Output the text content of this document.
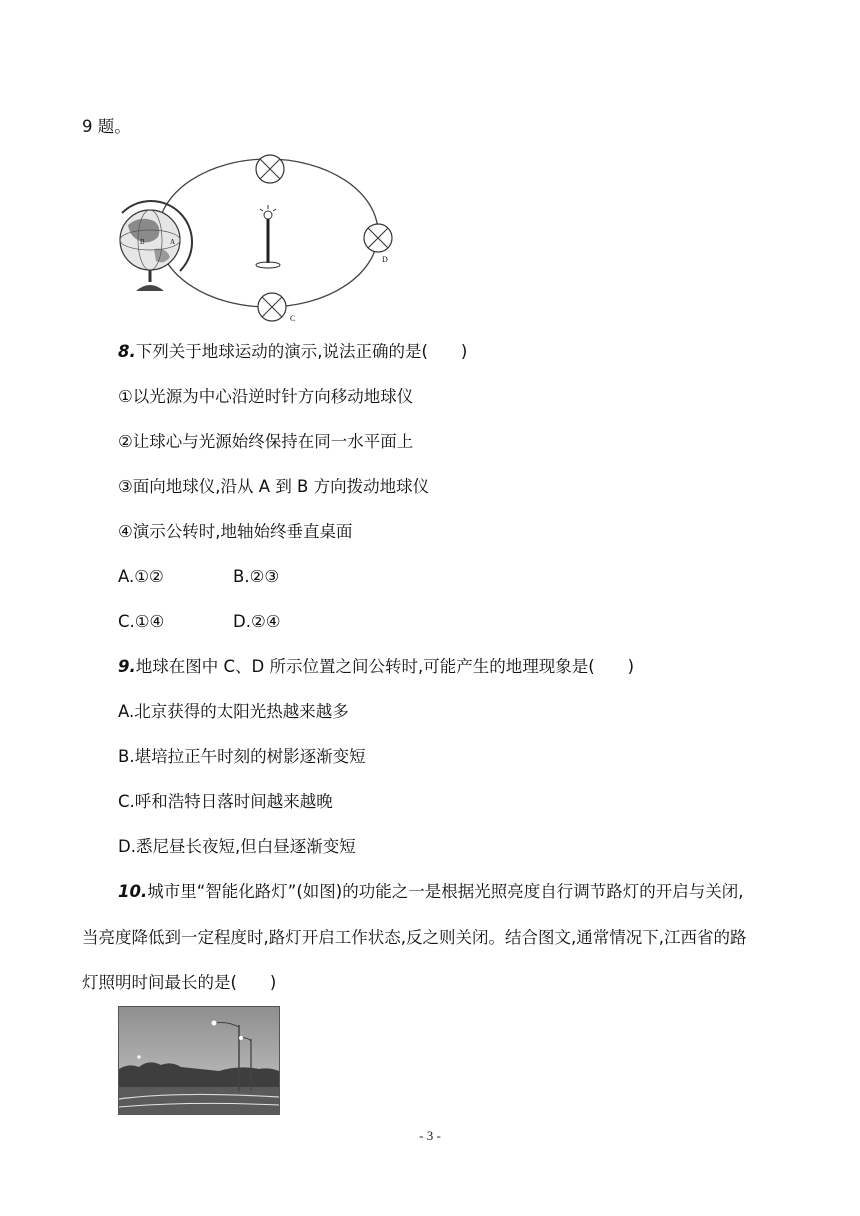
9 题。
B	A
D
C
8.下列关于地球运动的演示,说法正确的是(　　)
①以光源为中心沿逆时针方向移动地球仪
②让球心与光源始终保持在同一水平面上
③面向地球仪,沿从 A 到 B 方向拨动地球仪
④演示公转时,地轴始终垂直桌面
A.①②	B.②③
C.①④	D.②④
9.地球在图中 C、D 所示位置之间公转时,可能产生的地理现象是(　　)
A.北京获得的太阳光热越来越多
B.堪培拉正午时刻的树影逐渐变短
C.呼和浩特日落时间越来越晚
D.悉尼昼长夜短,但白昼逐渐变短
10.城市里“智能化路灯”(如图)的功能之一是根据光照亮度自行调节路灯的开启与关闭,
当亮度降低到一定程度时,路灯开启工作状态,反之则关闭。结合图文,通常情况下,江西省的路
灯照明时间最长的是(　　)
- 3 -
